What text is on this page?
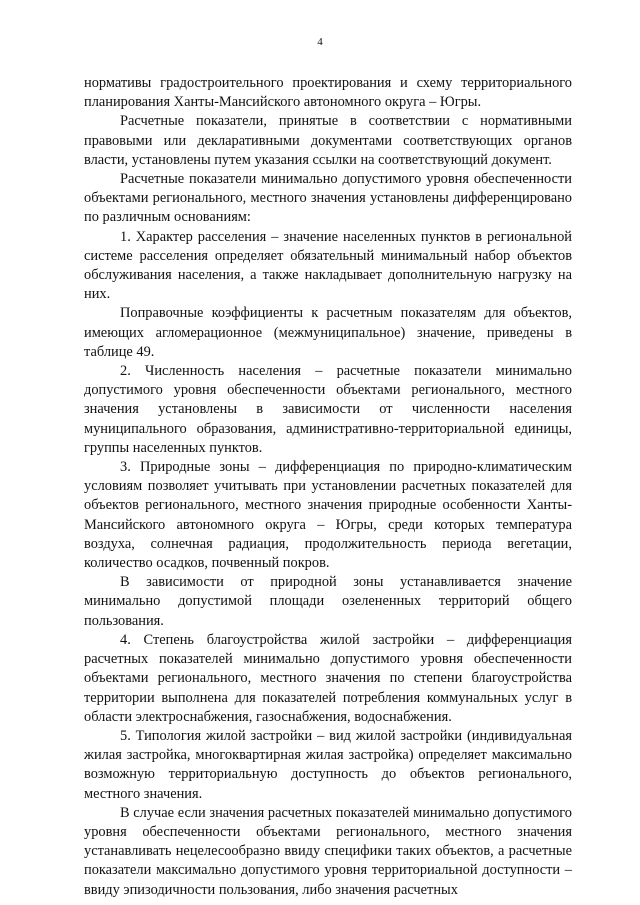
4

нормативы градостроительного проектирования и схему территориального планирования Ханты-Мансийского автономного округа – Югры.

Расчетные показатели, принятые в соответствии с нормативными правовыми или декларативными документами соответствующих органов власти, установлены путем указания ссылки на соответствующий документ.

Расчетные показатели минимально допустимого уровня обеспеченности объектами регионального, местного значения установлены дифференцировано по различным основаниям:

1. Характер расселения – значение населенных пунктов в региональной системе расселения определяет обязательный минимальный набор объектов обслуживания населения, а также накладывает дополнительную нагрузку на них.

Поправочные коэффициенты к расчетным показателям для объектов, имеющих агломерационное (межмуниципальное) значение, приведены в таблице 49.

2. Численность населения – расчетные показатели минимально допустимого уровня обеспеченности объектами регионального, местного значения установлены в зависимости от численности населения муниципального образования, административно-территориальной единицы, группы населенных пунктов.

3. Природные зоны – дифференциация по природно-климатическим условиям позволяет учитывать при установлении расчетных показателей для объектов регионального, местного значения природные особенности Ханты-Мансийского автономного округа – Югры, среди которых температура воздуха, солнечная радиация, продолжительность периода вегетации, количество осадков, почвенный покров.

В зависимости от природной зоны устанавливается значение минимально допустимой площади озелененных территорий общего пользования.

4. Степень благоустройства жилой застройки – дифференциация расчетных показателей минимально допустимого уровня обеспеченности объектами регионального, местного значения по степени благоустройства территории выполнена для показателей потребления коммунальных услуг в области электроснабжения, газоснабжения, водоснабжения.

5. Типология жилой застройки – вид жилой застройки (индивидуальная жилая застройка, многоквартирная жилая застройка) определяет максимально возможную территориальную доступность до объектов регионального, местного значения.

В случае если значения расчетных показателей минимально допустимого уровня обеспеченности объектами регионального, местного значения устанавливать нецелесообразно ввиду специфики таких объектов, а расчетные показатели максимально допустимого уровня территориальной доступности – ввиду эпизодичности пользования, либо значения расчетных
